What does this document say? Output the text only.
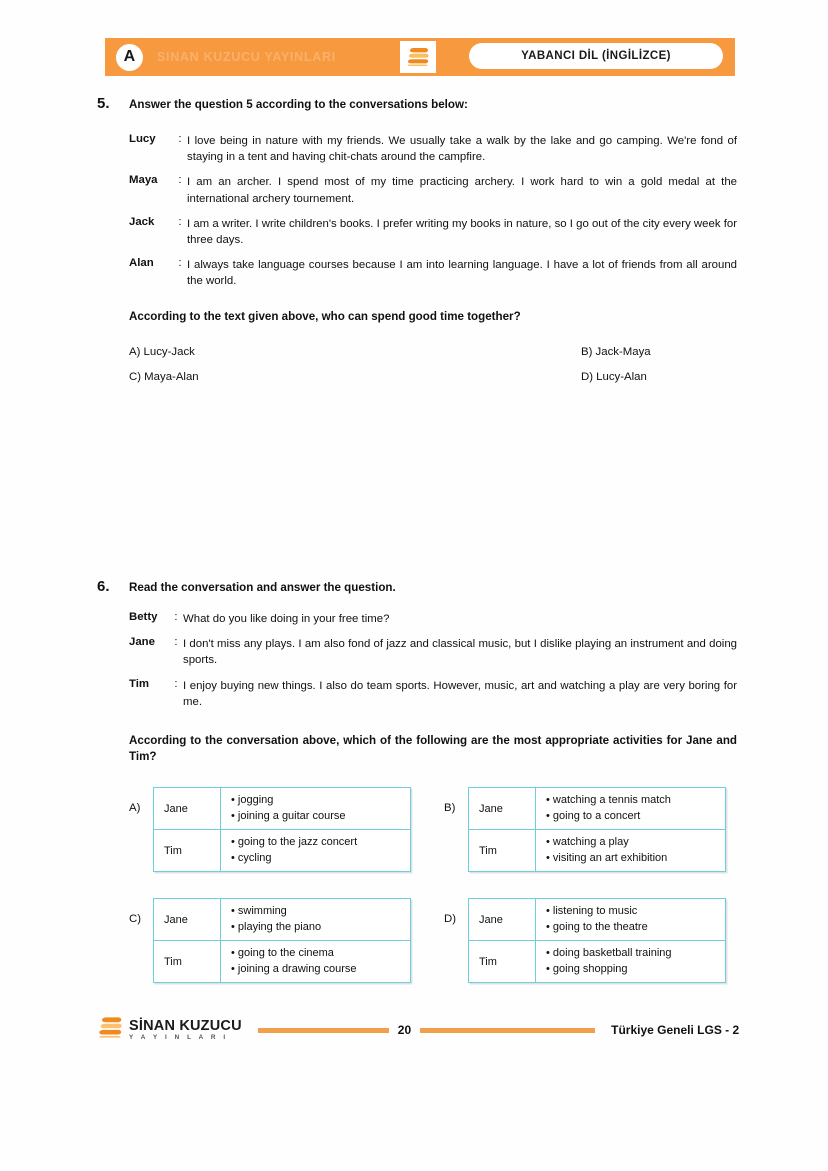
A	SINAN KUZUCU YAYINLARI	YABANCI DİL (İNGİLİZCE)
5. Answer the question 5 according to the conversations below:
Lucy	: I love being in nature with my friends. We usually take a walk by the lake and go camping. We're fond of staying in a tent and having chit-chats around the campfire.
Maya	: I am an archer. I spend most of my time practicing archery. I work hard to win a gold medal at the international archery tournement.
Jack	: I am a writer. I write children's books. I prefer writing my books in nature, so I go out of the city every week for three days.
Alan	: I always take language courses because I am into learning language. I have a lot of friends from all around the world.
According to the text given above, who can spend good time together?
A) Lucy-Jack	B) Jack-Maya
C) Maya-Alan	D) Lucy-Alan
6. Read the conversation and answer the question.
Betty	: What do you like doing in your free time?
Jane	: I don't miss any plays. I am also fond of jazz and classical music, but I dislike playing an instrument and doing sports.
Tim	: I enjoy buying new things. I also do team sports. However, music, art and watching a play are very boring for me.
According to the conversation above, which of the following are the most appropriate activities for Jane and Tim?
A)	Jane	• jogging
• joining a guitar course

Tim	• going to the jazz concert
• cycling
B)	Jane	• watching a tennis match
• going to a concert

Tim	• watching a play
• visiting an art exhibition
C)	Jane	• swimming
• playing the piano

Tim	• going to the cinema
• joining a drawing course
D)	Jane	• listening to music
• going to the theatre

Tim	• doing basketball training
• going shopping
SİNAN KUZUCU
Y A Y I N L A R I
20	Türkiye Geneli LGS - 2
